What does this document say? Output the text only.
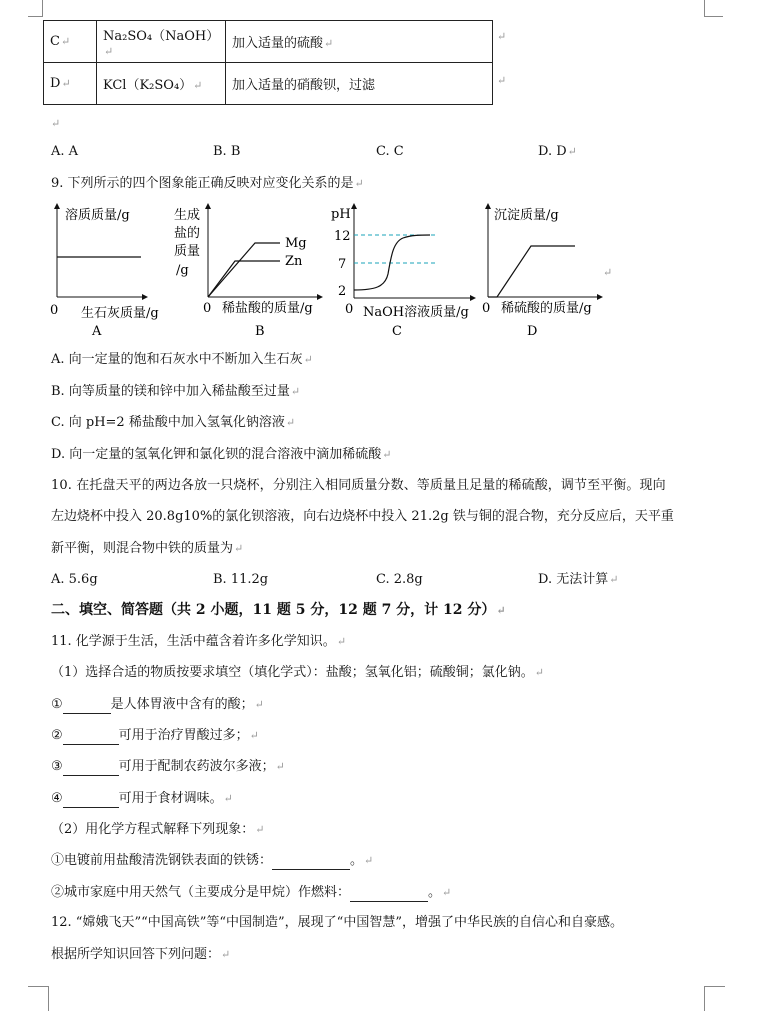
C↵	Na₂SO₄（NaOH）↵	加入适量的硫酸↵
D↵	KCl（K₂SO₄）↵	加入适量的硝酸钡，过滤
↵
↵
↵
A. A	B. B	C. C	D. D↵
9. 下列所示的四个图象能正确反映对应变化关系的是↵
溶质质量/g
0 生石灰质量/g
A
生成
盐的
质量
/g
Mg
Zn
0 稀盐酸的质量/g
B
pH
12
7
2
0 NaOH溶液质量/g
C
沉淀质量/g
0 稀硫酸的质量/g
D
↵
A. 向一定量的饱和石灰水中不断加入生石灰↵
B. 向等质量的镁和锌中加入稀盐酸至过量↵
C. 向 pH=2 稀盐酸中加入氢氧化钠溶液↵
D. 向一定量的氢氧化钾和氯化钡的混合溶液中滴加稀硫酸↵
10. 在托盘天平的两边各放一只烧杯，分别注入相同质量分数、等质量且足量的稀硫酸，调节至平衡。现向
左边烧杯中投入 20.8g10%的氯化钡溶液，向右边烧杯中投入 21.2g 铁与铜的混合物，充分反应后，天平重
新平衡，则混合物中铁的质量为↵
A. 5.6g	B. 11.2g	C. 2.8g	D. 无法计算↵
二、填空、简答题（共 2 小题，11 题 5 分，12 题 7 分，计 12 分）↵
11. 化学源于生活，生活中蕴含着许多化学知识。↵
（1）选择合适的物质按要求填空（填化学式）：盐酸；氢氧化铝；硫酸铜；氯化钠。↵
①	是人体胃液中含有的酸；↵
②	可用于治疗胃酸过多；↵
③	可用于配制农药波尔多液；↵
④	可用于食材调味。↵
（2）用化学方程式解释下列现象：↵
①电镀前用盐酸清洗钢铁表面的铁锈：	。↵
②城市家庭中用天然气（主要成分是甲烷）作燃料：	。↵
12. “嫦娥飞天”“中国高铁”等“中国制造”，展现了“中国智慧”，增强了中华民族的自信心和自豪感。
根据所学知识回答下列问题：↵
